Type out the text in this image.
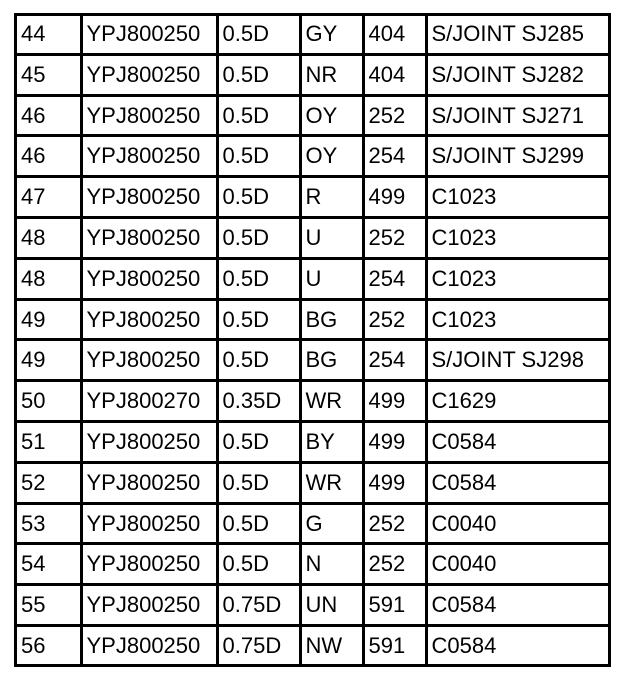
44	YPJ800250	0.5D	GY	404	S/JOINT SJ285
45	YPJ800250	0.5D	NR	404	S/JOINT SJ282
46	YPJ800250	0.5D	OY	252	S/JOINT SJ271
46	YPJ800250	0.5D	OY	254	S/JOINT SJ299
47	YPJ800250	0.5D	R	499	C1023
48	YPJ800250	0.5D	U	252	C1023
48	YPJ800250	0.5D	U	254	C1023
49	YPJ800250	0.5D	BG	252	C1023
49	YPJ800250	0.5D	BG	254	S/JOINT SJ298
50	YPJ800270	0.35D	WR	499	C1629
51	YPJ800250	0.5D	BY	499	C0584
52	YPJ800250	0.5D	WR	499	C0584
53	YPJ800250	0.5D	G	252	C0040
54	YPJ800250	0.5D	N	252	C0040
55	YPJ800250	0.75D	UN	591	C0584
56	YPJ800250	0.75D	NW	591	C0584
